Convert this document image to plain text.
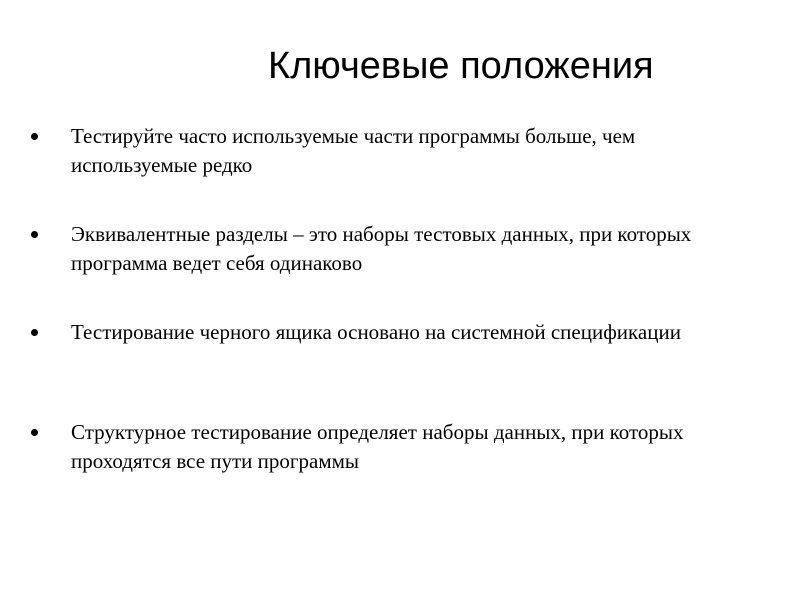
Ключевые положения
Тестируйте часто используемые части программы больше, чем используемые редко
Эквивалентные разделы – это наборы тестовых данных, при которых программа ведет себя одинаково
Тестирование черного ящика основано на системной спецификации
Структурное тестирование определяет наборы данных, при которых проходятся все пути программы
